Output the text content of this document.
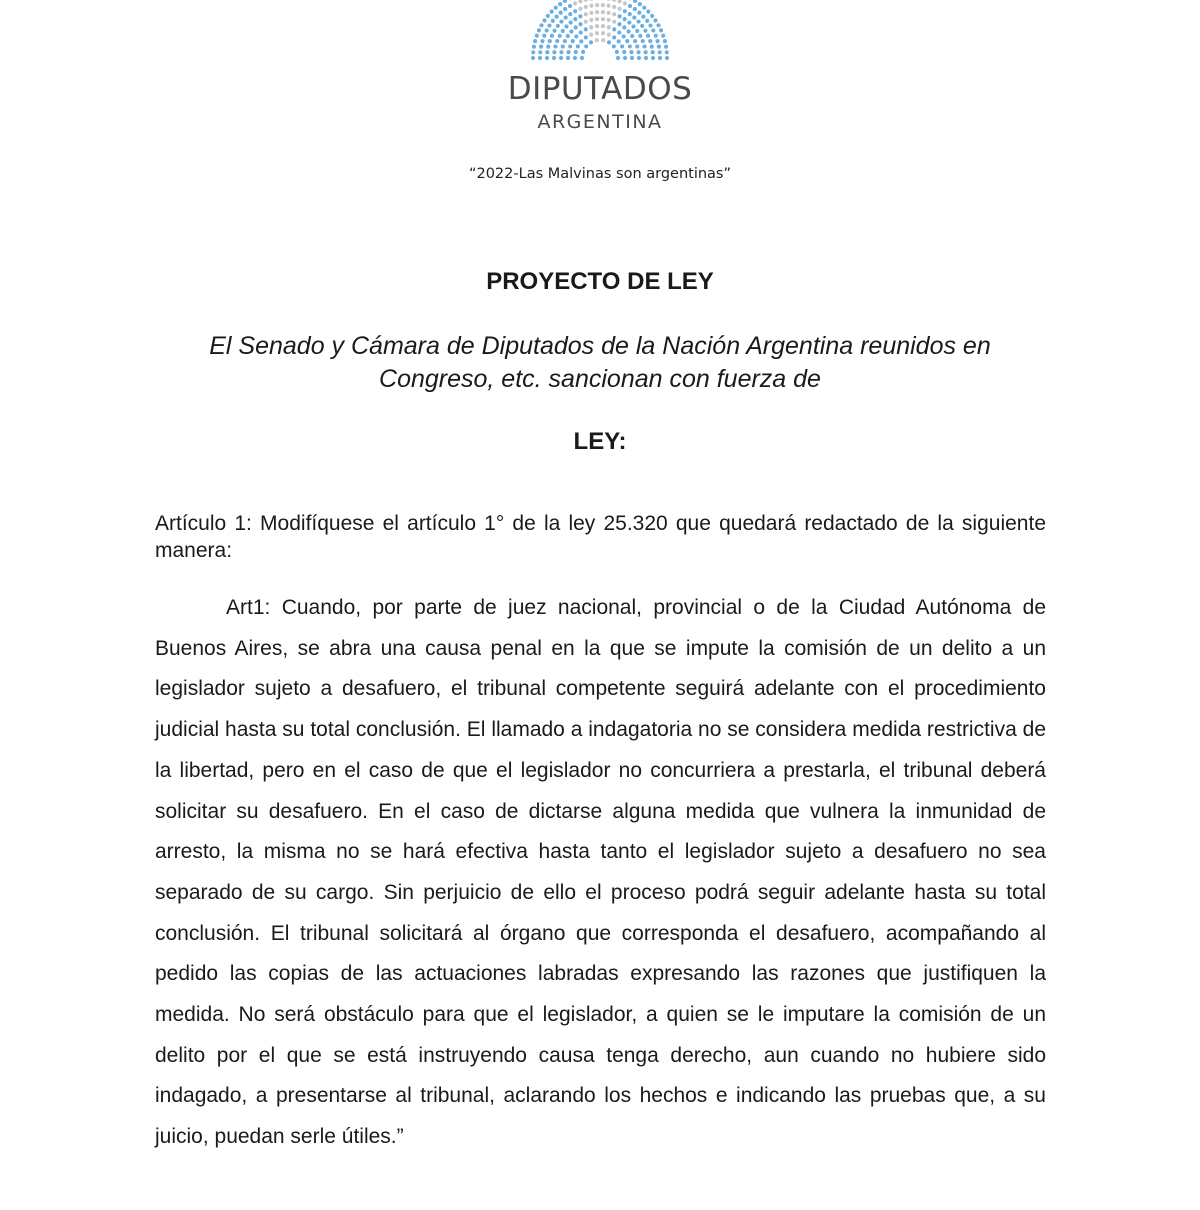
DIPUTADOS
ARGENTINA
“2022-Las Malvinas son argentinas”
PROYECTO DE LEY
El Senado y Cámara de Diputados de la Nación Argentina reunidos en Congreso, etc. sancionan con fuerza de
LEY:
Artículo 1: Modifíquese el artículo 1° de la ley 25.320 que quedará redactado de la siguiente manera:
Art1: Cuando, por parte de juez nacional, provincial o de la Ciudad Autónoma de Buenos Aires, se abra una causa penal en la que se impute la comisión de un delito a un legislador sujeto a desafuero, el tribunal competente seguirá adelante con el procedimiento judicial hasta su total conclusión. El llamado a indagatoria no se considera medida restrictiva de la libertad, pero en el caso de que el legislador no concurriera a prestarla, el tribunal deberá solicitar su desafuero. En el caso de dictarse alguna medida que vulnera la inmunidad de arresto, la misma no se hará efectiva hasta tanto el legislador sujeto a desafuero no sea separado de su cargo. Sin perjuicio de ello el proceso podrá seguir adelante hasta su total conclusión. El tribunal solicitará al órgano que corresponda el desafuero, acompañando al pedido las copias de las actuaciones labradas expresando las razones que justifiquen la medida. No será obstáculo para que el legislador, a quien se le imputare la comisión de un delito por el que se está instruyendo causa tenga derecho, aun cuando no hubiere sido indagado, a presentarse al tribunal, aclarando los hechos e indicando las pruebas que, a su juicio, puedan serle útiles.”
